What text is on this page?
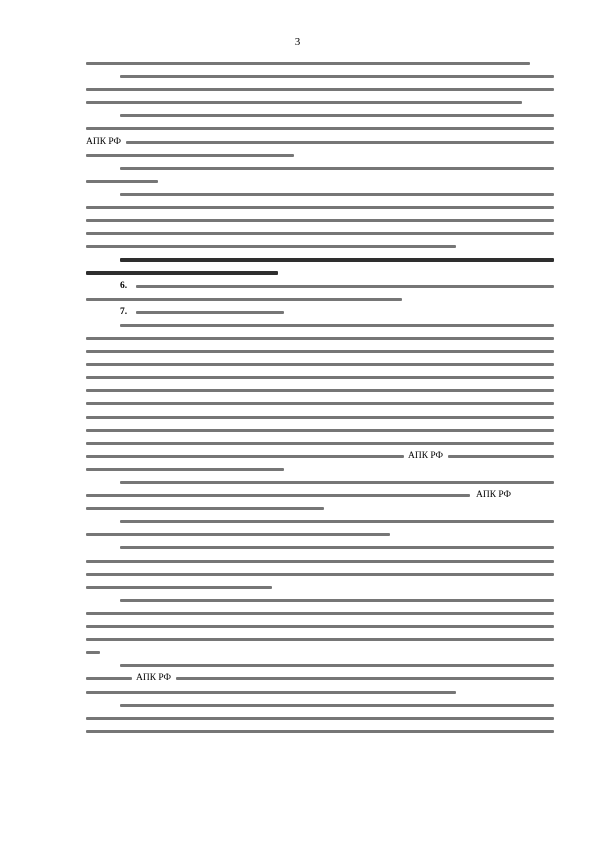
3
АПК РФ
6.
7.
АПК РФ
АПК РФ
АПК РФ
